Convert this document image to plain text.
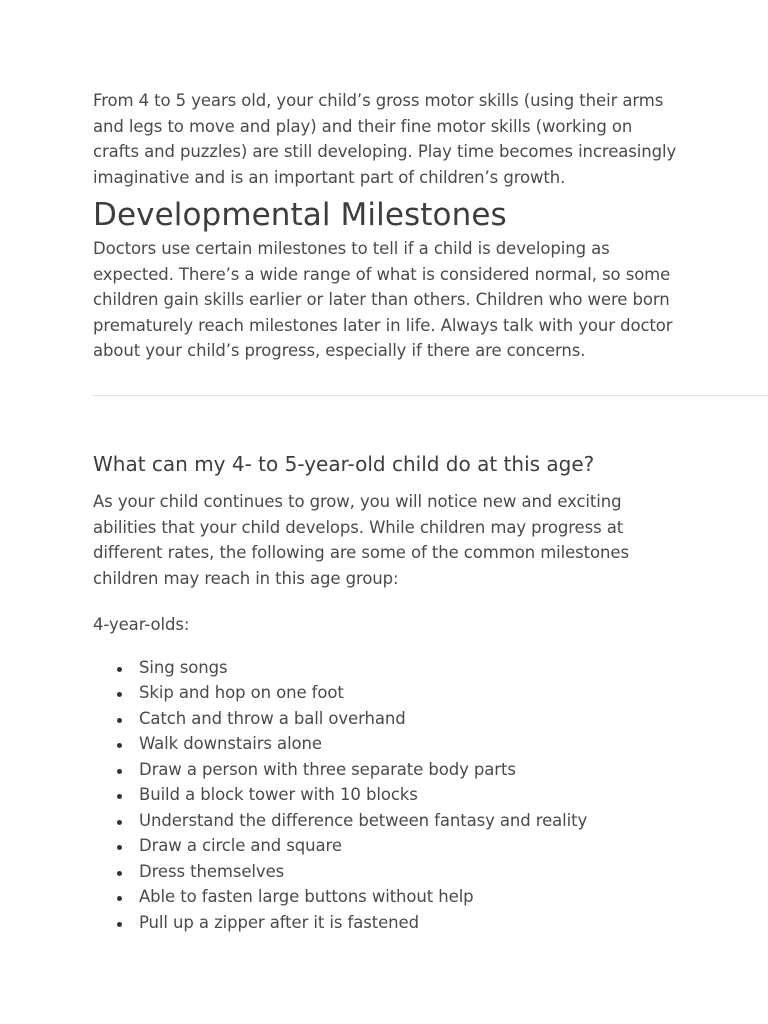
From 4 to 5 years old, your child’s gross motor skills (using their arms and legs to move and play) and their fine motor skills (working on crafts and puzzles) are still developing. Play time becomes increasingly imaginative and is an important part of children’s growth.

Developmental Milestones

Doctors use certain milestones to tell if a child is developing as expected. There’s a wide range of what is considered normal, so some children gain skills earlier or later than others. Children who were born prematurely reach milestones later in life. Always talk with your doctor about your child’s progress, especially if there are concerns.

What can my 4- to 5-year-old child do at this age?

As your child continues to grow, you will notice new and exciting abilities that your child develops. While children may progress at different rates, the following are some of the common milestones children may reach in this age group:

4-year-olds:

Sing songs
Skip and hop on one foot
Catch and throw a ball overhand
Walk downstairs alone
Draw a person with three separate body parts
Build a block tower with 10 blocks
Understand the difference between fantasy and reality
Draw a circle and square
Dress themselves
Able to fasten large buttons without help
Pull up a zipper after it is fastened
